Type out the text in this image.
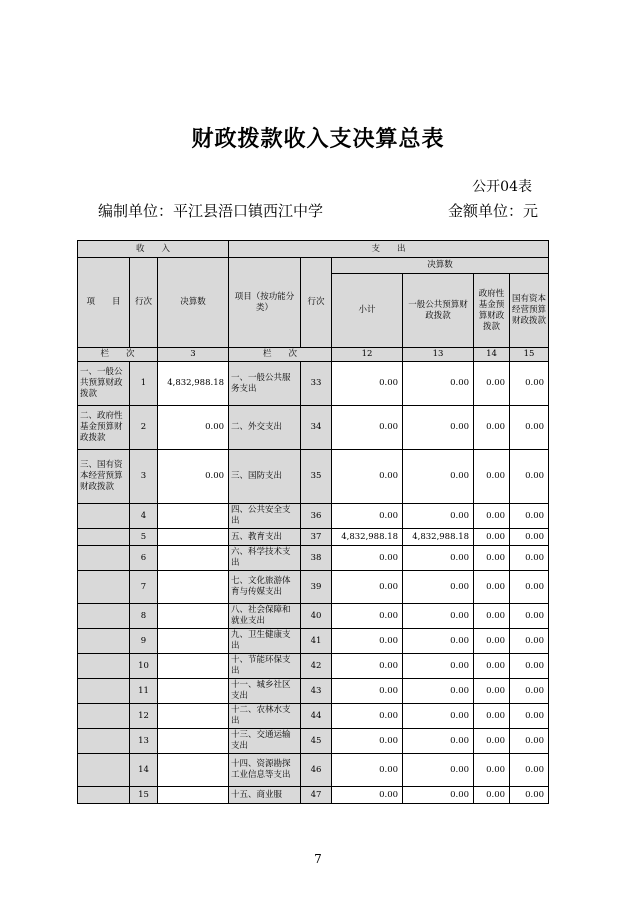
财政拨款收入支决算总表
公开04表
编制单位：平江县浯口镇西江中学	金额单位：元
收　　入			支　　出					
项　　目	行次	决算数	项目（按功能分类）	行次	决算数			
					小计	一般公共预算财政拨款	政府性基金预算财政拨款	国有资本经营预算财政拨款

栏　　次		3	栏　　次		12	13	14	15
一、一般公共预算财政拨款	1	4,832,988.18	一、一般公共服务支出	33	0.00	0.00	0.00	0.00
二、政府性基金预算财政拨款	2	0.00	二、外交支出	34	0.00	0.00	0.00	0.00
三、国有资本经营预算财政拨款	3	0.00	三、国防支出	35	0.00	0.00	0.00	0.00
	4		四、公共安全支出	36	0.00	0.00	0.00	0.00
	5		五、教育支出	37	4,832,988.18	4,832,988.18	0.00	0.00
	6		六、科学技术支出	38	0.00	0.00	0.00	0.00
	7		七、文化旅游体育与传媒支出	39	0.00	0.00	0.00	0.00
	8		八、社会保障和就业支出	40	0.00	0.00	0.00	0.00
	9		九、卫生健康支出	41	0.00	0.00	0.00	0.00
	10		十、节能环保支出	42	0.00	0.00	0.00	0.00
	11		十一、城乡社区支出	43	0.00	0.00	0.00	0.00
	12		十二、农林水支出	44	0.00	0.00	0.00	0.00
	13		十三、交通运输支出	45	0.00	0.00	0.00	0.00
	14		十四、资源勘探工业信息等支出	46	0.00	0.00	0.00	0.00
	15		十五、商业服	47	0.00	0.00	0.00	0.00
7
